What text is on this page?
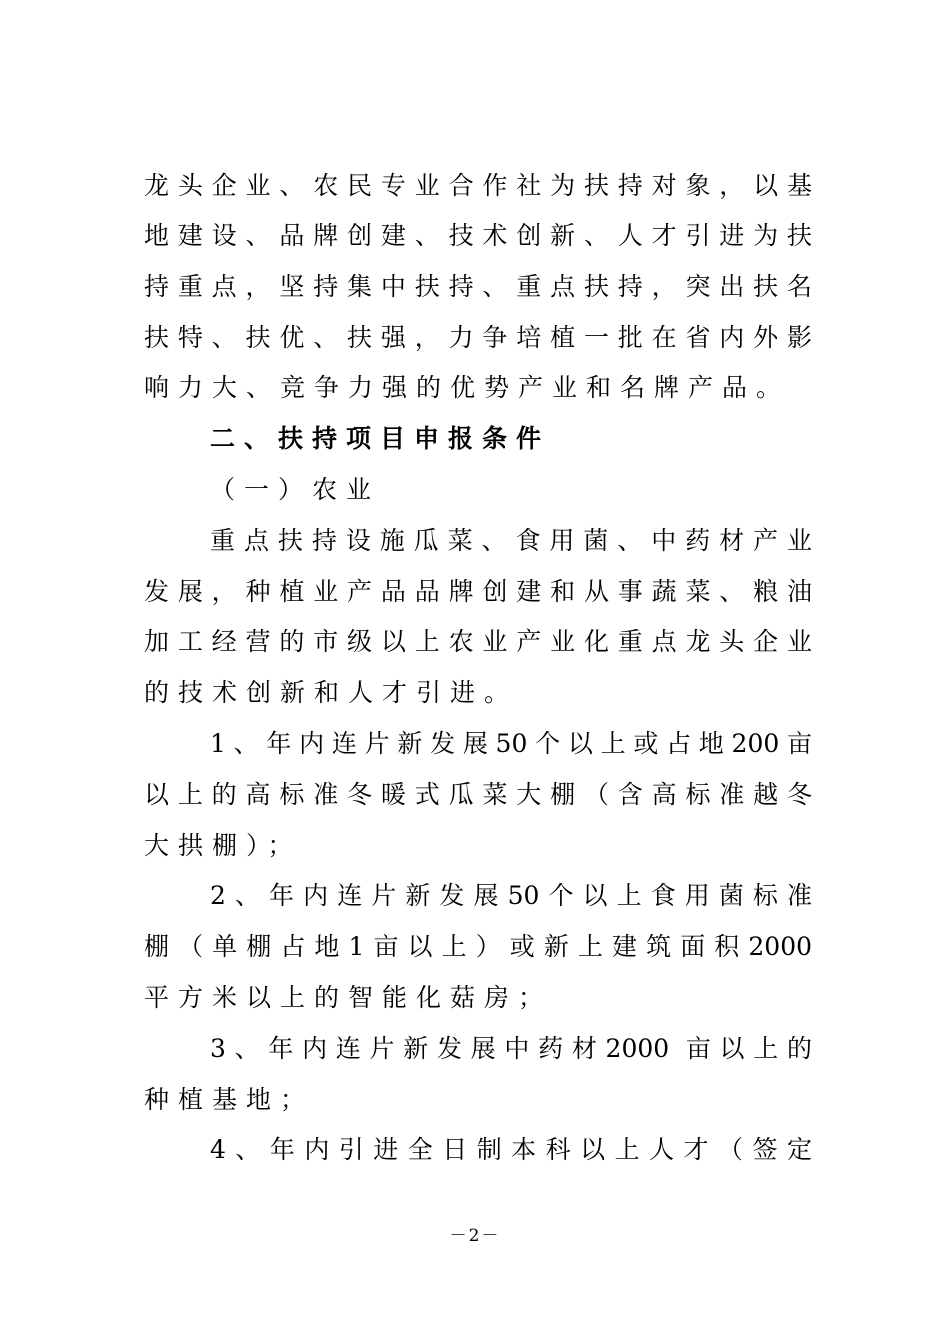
龙头企业、农民专业合作社为扶持对象，以基
地建设、品牌创建、技术创新、人才引进为扶
持重点，坚持集中扶持、重点扶持，突出扶名
扶特、扶优、扶强，力争培植一批在省内外影
响力大、竞争力强的优势产业和名牌产品。
二、扶持项目申报条件
（一）农业
重点扶持设施瓜菜、食用菌、中药材产业
发展，种植业产品品牌创建和从事蔬菜、粮油
加工经营的市级以上农业产业化重点龙头企业
的技术创新和人才引进。
1、年内连片新发展50个以上或占地200亩
以上的高标准冬暖式瓜菜大棚（含高标准越冬
大拱棚）；
2、年内连片新发展50个以上食用菌标准
棚（单棚占地1亩以上）或新上建筑面积2000
平方米以上的智能化菇房；
3、年内连片新发展中药材2000 亩以上的
种植基地；
4、年内引进全日制本科以上人才（签定
－2－
